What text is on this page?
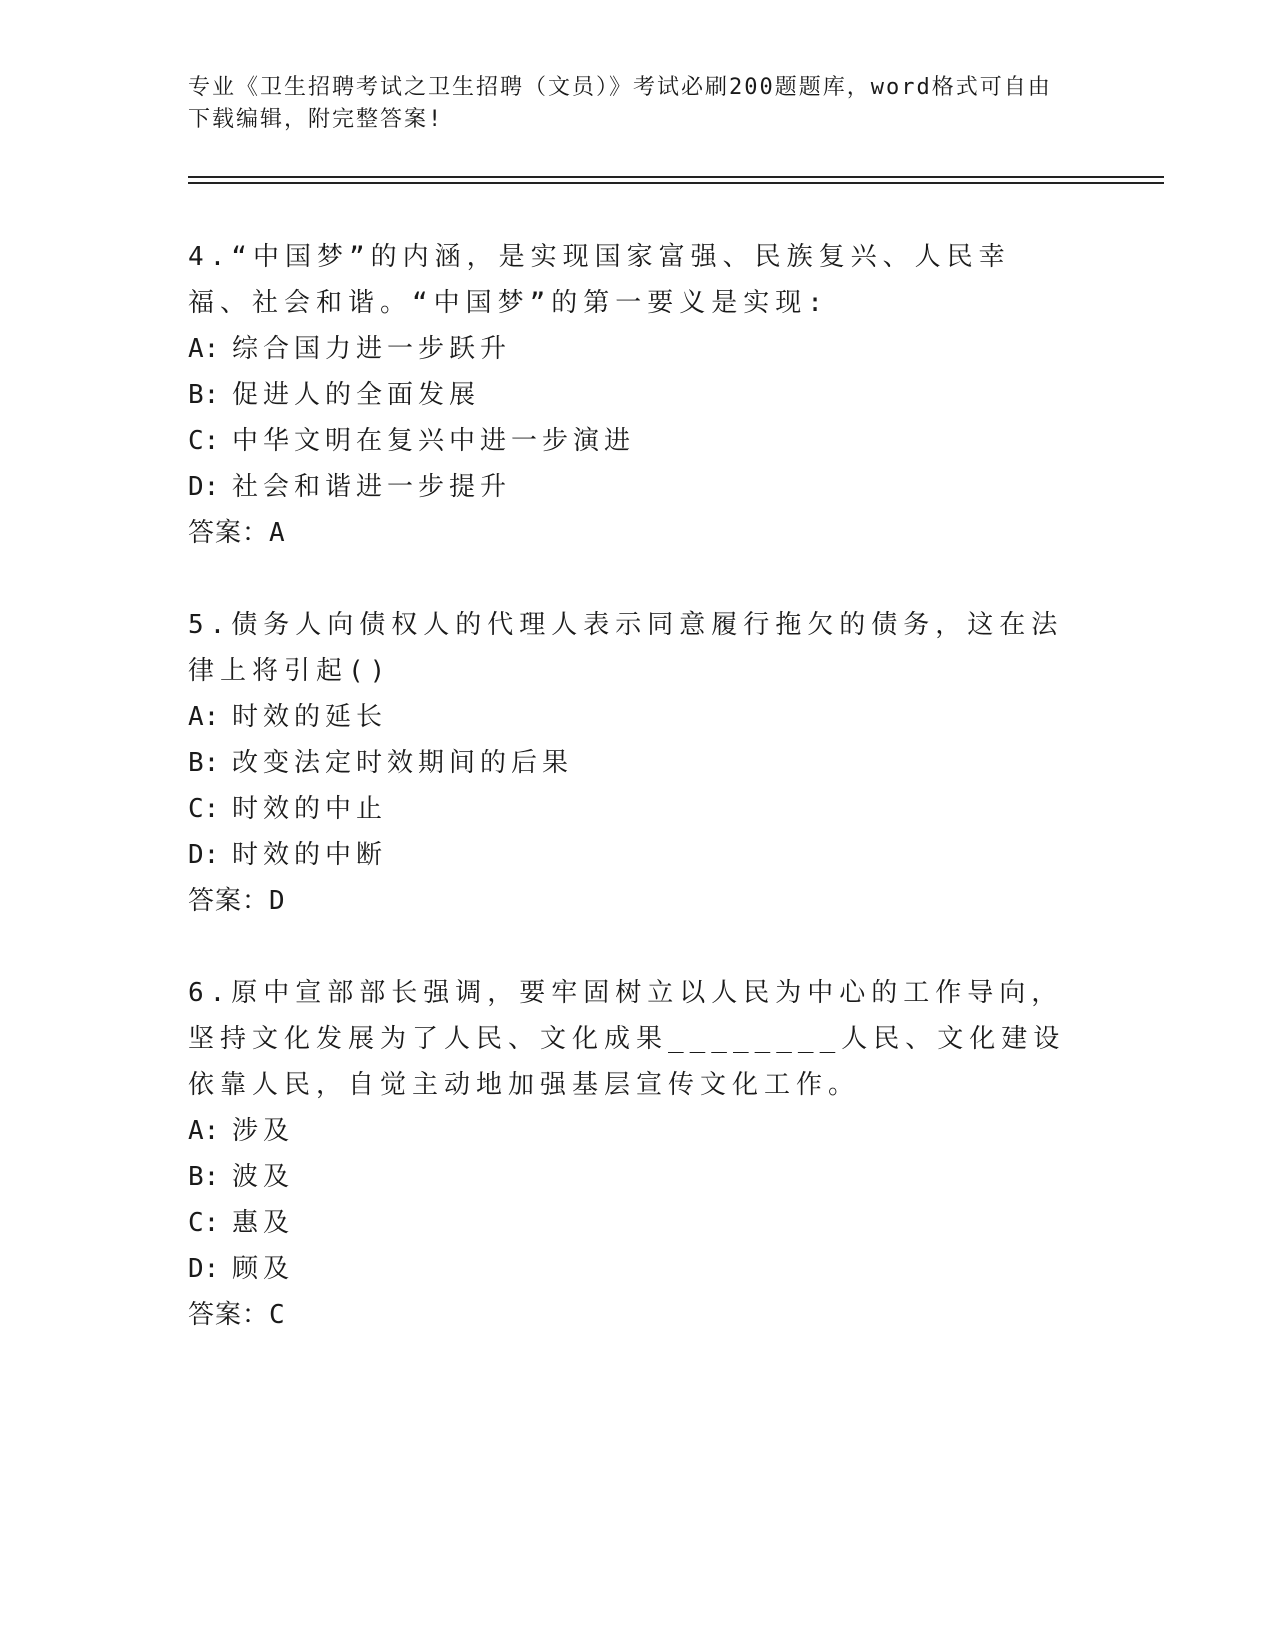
专业《卫生招聘考试之卫生招聘（文员）》考试必刷200题题库，word格式可自由下载编辑，附完整答案!

4.“中国梦”的内涵，是实现国家富强、民族复兴、人民幸福、社会和谐。“中国梦”的第一要义是实现:

A: 综合国力进一步跃升

B: 促进人的全面发展

C: 中华文明在复兴中进一步演进

D: 社会和谐进一步提升

答案：A

5.债务人向债权人的代理人表示同意履行拖欠的债务，这在法律上将引起()

A: 时效的延长

B: 改变法定时效期间的后果

C: 时效的中止

D: 时效的中断

答案：D

6.原中宣部部长强调，要牢固树立以人民为中心的工作导向，坚持文化发展为了人民、文化成果________人民、文化建设依靠人民，自觉主动地加强基层宣传文化工作。

A: 涉及

B: 波及

C: 惠及

D: 顾及

答案：C
